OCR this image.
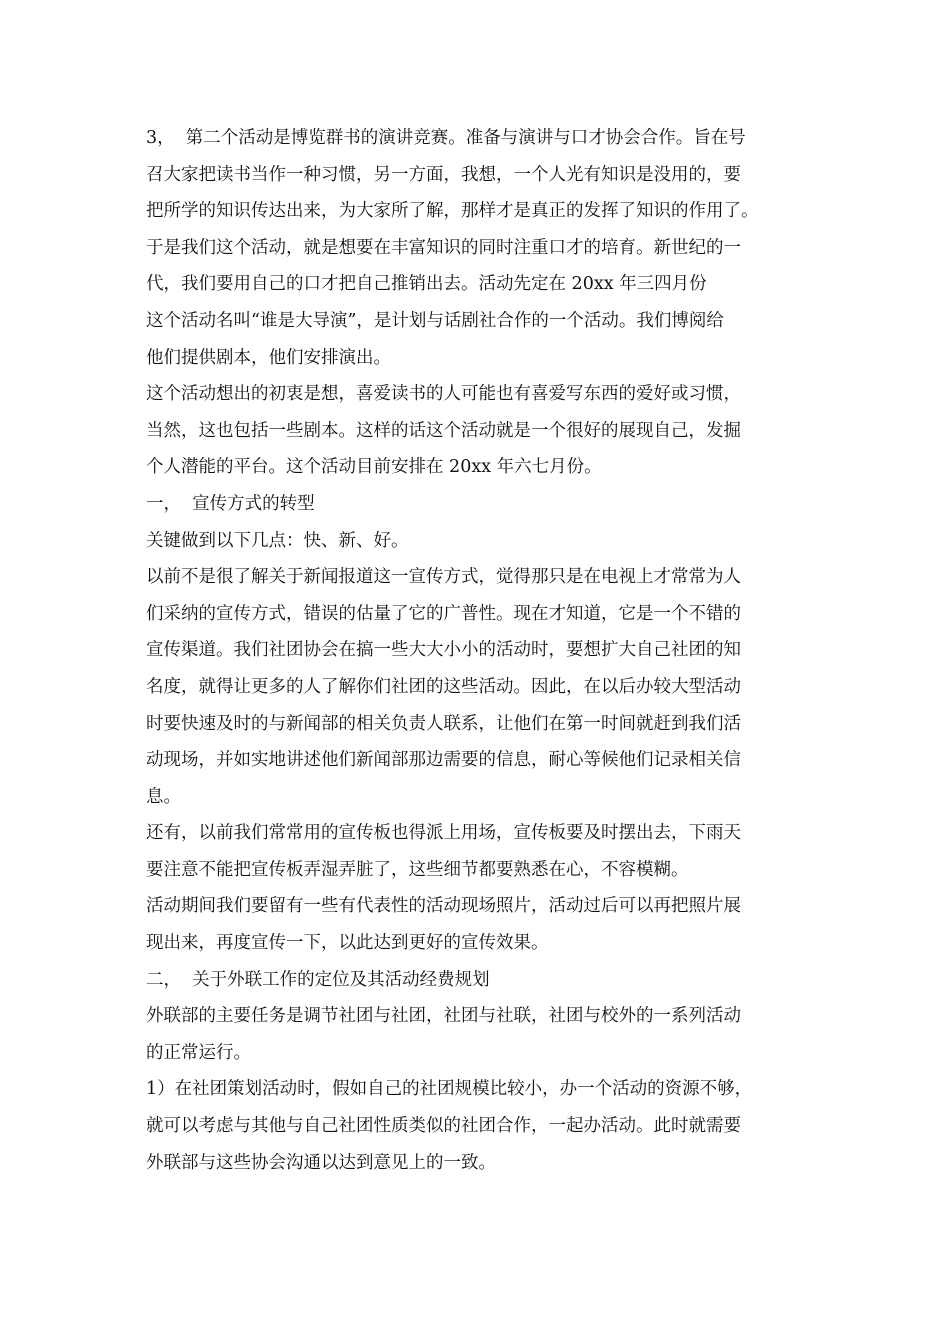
3，  第二个活动是博览群书的演讲竞赛。准备与演讲与口才协会合作。旨在号
召大家把读书当作一种习惯，另一方面，我想，一个人光有知识是没用的，要
把所学的知识传达出来，为大家所了解，那样才是真正的发挥了知识的作用了。
于是我们这个活动，就是想要在丰富知识的同时注重口才的培育。新世纪的一
代，我们要用自己的口才把自己推销出去。活动先定在 20xx 年三四月份
这个活动名叫“谁是大导演”，是计划与话剧社合作的一个活动。我们博阅给
他们提供剧本，他们安排演出。
这个活动想出的初衷是想，喜爱读书的人可能也有喜爱写东西的爱好或习惯，
当然，这也包括一些剧本。这样的话这个活动就是一个很好的展现自己，发掘
个人潜能的平台。这个活动目前安排在 20xx 年六七月份。
一，  宣传方式的转型
关键做到以下几点：快、新、好。
以前不是很了解关于新闻报道这一宣传方式，觉得那只是在电视上才常常为人
们采纳的宣传方式，错误的估量了它的广普性。现在才知道，它是一个不错的
宣传渠道。我们社团协会在搞一些大大小小的活动时，要想扩大自己社团的知
名度，就得让更多的人了解你们社团的这些活动。因此，在以后办较大型活动
时要快速及时的与新闻部的相关负责人联系，让他们在第一时间就赶到我们活
动现场，并如实地讲述他们新闻部那边需要的信息，耐心等候他们记录相关信
息。
还有，以前我们常常用的宣传板也得派上用场，宣传板要及时摆出去，下雨天
要注意不能把宣传板弄湿弄脏了，这些细节都要熟悉在心，不容模糊。
活动期间我们要留有一些有代表性的活动现场照片，活动过后可以再把照片展
现出来，再度宣传一下，以此达到更好的宣传效果。
二，  关于外联工作的定位及其活动经费规划
外联部的主要任务是调节社团与社团，社团与社联，社团与校外的一系列活动
的正常运行。
1）在社团策划活动时，假如自己的社团规模比较小，办一个活动的资源不够，
就可以考虑与其他与自己社团性质类似的社团合作，一起办活动。此时就需要
外联部与这些协会沟通以达到意见上的一致。
